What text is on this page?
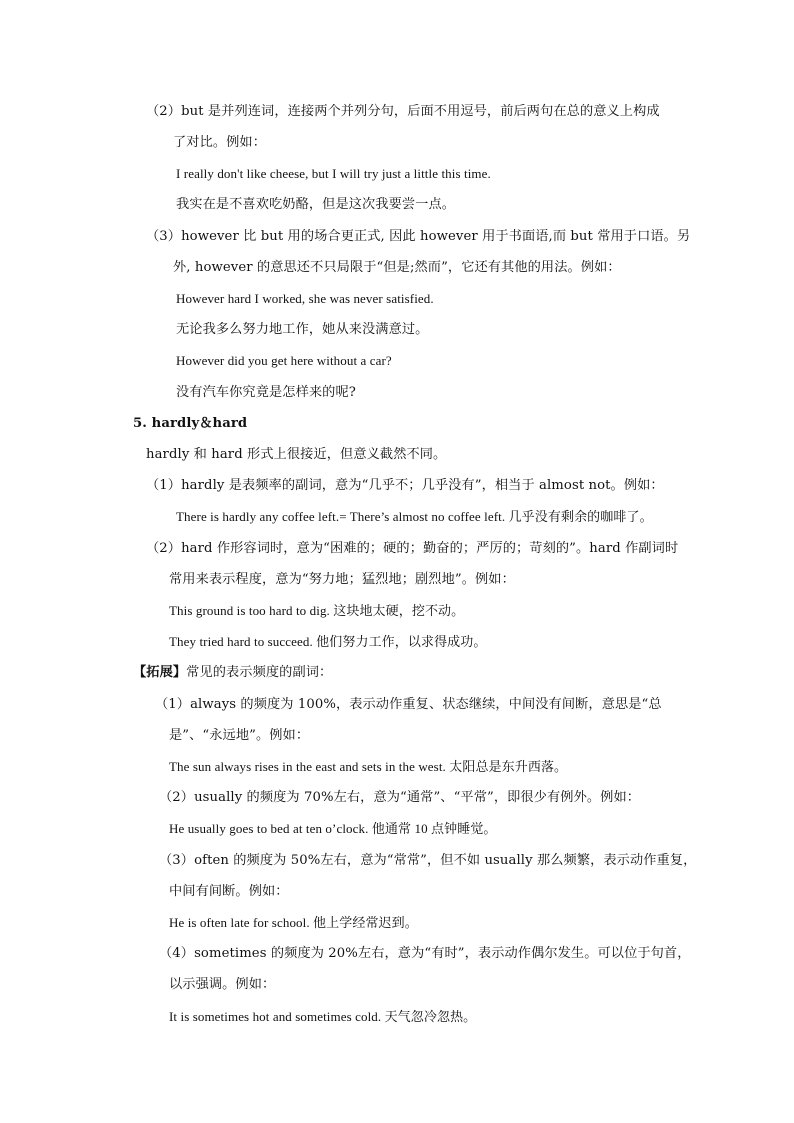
（2）but 是并列连词，连接两个并列分句，后面不用逗号，前后两句在总的意义上构成
了对比。例如：
I really don't like cheese, but I will try just a little this time.
我实在是不喜欢吃奶酪，但是这次我要尝一点。
（3）however 比 but 用的场合更正式, 因此 however 用于书面语,而 but 常用于口语。另
外, however 的意思还不只局限于“但是;然而”，它还有其他的用法。例如：
However hard I worked, she was never satisfied.
无论我多么努力地工作，她从来没满意过。
However did you get here without a car?
没有汽车你究竟是怎样来的呢?
5. hardly＆hard
hardly 和 hard 形式上很接近，但意义截然不同。
（1）hardly 是表频率的副词，意为“几乎不；几乎没有”，相当于 almost not。例如：
There is hardly any coffee left.= There’s almost no coffee left. 几乎没有剩余的咖啡了。
（2）hard 作形容词时，意为“困难的；硬的；勤奋的；严厉的；苛刻的”。hard 作副词时
常用来表示程度，意为“努力地；猛烈地；剧烈地”。例如：
This ground is too hard to dig. 这块地太硬，挖不动。
They tried hard to succeed. 他们努力工作，以求得成功。
【拓展】常见的表示频度的副词：
（1）always 的频度为 100%，表示动作重复、状态继续，中间没有间断，意思是“总
是”、“永远地”。例如：
The sun always rises in the east and sets in the west. 太阳总是东升西落。
（2）usually 的频度为 70%左右，意为“通常”、“平常”，即很少有例外。例如：
He usually goes to bed at ten o’clock. 他通常 10 点钟睡觉。
（3）often 的频度为 50%左右，意为“常常”，但不如 usually 那么频繁，表示动作重复，
中间有间断。例如：
He is often late for school. 他上学经常迟到。
（4）sometimes 的频度为 20%左右，意为“有时”，表示动作偶尔发生。可以位于句首，
以示强调。例如：
It is sometimes hot and sometimes cold. 天气忽冷忽热。
